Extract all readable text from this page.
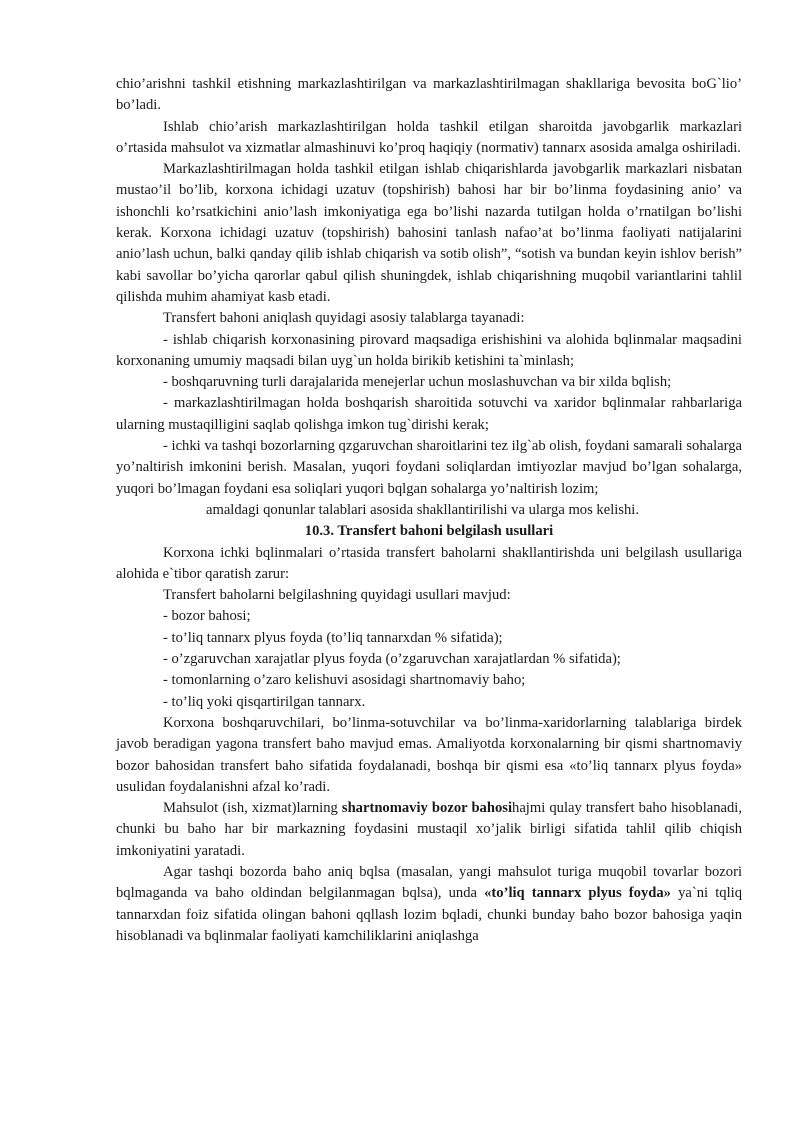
chio’arishni tashkil etishning markazlashtirilgan va markazlashtirilmagan shakllariga bevosita boG`lio’ bo’ladi.

Ishlab chio’arish markazlashtirilgan holda tashkil etilgan sharoitda javobgarlik markazlari o’rtasida mahsulot va xizmatlar almashinuvi ko’proq haqiqiy (normativ) tannarx asosida amalga oshiriladi.

Markazlashtirilmagan holda tashkil etilgan ishlab chiqarishlarda javobgarlik markazlari nisbatan mustao’il bo’lib, korxona ichidagi uzatuv (topshirish) bahosi har bir bo’linma foydasining anio’ va ishonchli ko’rsatkichini anio’lash imkoniyatiga ega bo’lishi nazarda tutilgan holda o’rnatilgan bo’lishi kerak. Korxona ichidagi uzatuv (topshirish) bahosini tanlash nafao’at bo’linma faoliyati natijalarini anio’lash uchun, balki qanday qilib ishlab chiqarish va sotib olish”, “sotish va bundan keyin ishlov berish” kabi savollar bo’yicha qarorlar qabul qilish shuningdek, ishlab chiqarishning muqobil variantlarini tahlil qilishda muhim ahamiyat kasb etadi.

Transfert bahoni aniqlash quyidagi asosiy talablarga tayanadi:

- ishlab chiqarish korxonasining pirovard maqsadiga erishishini va alohida bqlinmalar maqsadini korxonaning umumiy maqsadi bilan uyg`un holda birikib ketishini ta`minlash;

- boshqaruvning turli darajalarida menejerlar uchun moslashuvchan va bir xilda bqlish;

- markazlashtirilmagan holda boshqarish sharoitida sotuvchi va xaridor bqlinmalar rahbarlariga ularning mustaqilligini saqlab qolishga imkon tug`dirishi kerak;

- ichki va tashqi bozorlarning qzgaruvchan sharoitlarini tez ilg`ab olish, foydani samarali sohalarga yo’naltirish imkonini berish. Masalan, yuqori foydani soliqlardan imtiyozlar mavjud bo’lgan sohalarga, yuqori bo’lmagan foydani esa soliqlari yuqori bqlgan sohalarga yo’naltirish lozim;

amaldagi qonunlar talablari asosida shakllantirilishi va ularga mos kelishi.

10.3. Transfert bahoni belgilash usullari

Korxona ichki bqlinmalari o’rtasida transfert baholarni shakllantirishda uni belgilash usullariga alohida e`tibor qaratish zarur:

Transfert baholarni belgilashning quyidagi usullari mavjud:

- bozor bahosi;

- to’liq tannarx plyus foyda (to’liq tannarxdan % sifatida);

- o’zgaruvchan xarajatlar plyus foyda (o’zgaruvchan xarajatlardan % sifatida);

- tomonlarning o’zaro kelishuvi asosidagi shartnomaviy baho;

- to’liq yoki qisqartirilgan tannarx.

Korxona boshqaruvchilari, bo’linma-sotuvchilar va bo’linma-xaridorlarning talablariga birdek javob beradigan yagona transfert baho mavjud emas. Amaliyotda korxonalarning bir qismi shartnomaviy bozor bahosidan transfert baho sifatida foydalanadi, boshqa bir qismi esa «to’liq tannarx plyus foyda» usulidan foydalanishni afzal ko’radi.

Mahsulot (ish, xizmat)larning shartnomaviy bozor bahosihajmi qulay transfert baho hisoblanadi, chunki bu baho har bir markazning foydasini mustaqil xo’jalik birligi sifatida tahlil qilib chiqish imkoniyatini yaratadi.

Agar tashqi bozorda baho aniq bqlsa (masalan, yangi mahsulot turiga muqobil tovarlar bozori bqlmaganda va baho oldindan belgilanmagan bqlsa), unda «to’liq tannarx plyus foyda» ya`ni tqliq tannarxdan foiz sifatida olingan bahoni qqllash lozim bqladi, chunki bunday baho bozor bahosiga yaqin hisoblanadi va bqlinmalar faoliyati kamchiliklarini aniqlashga
